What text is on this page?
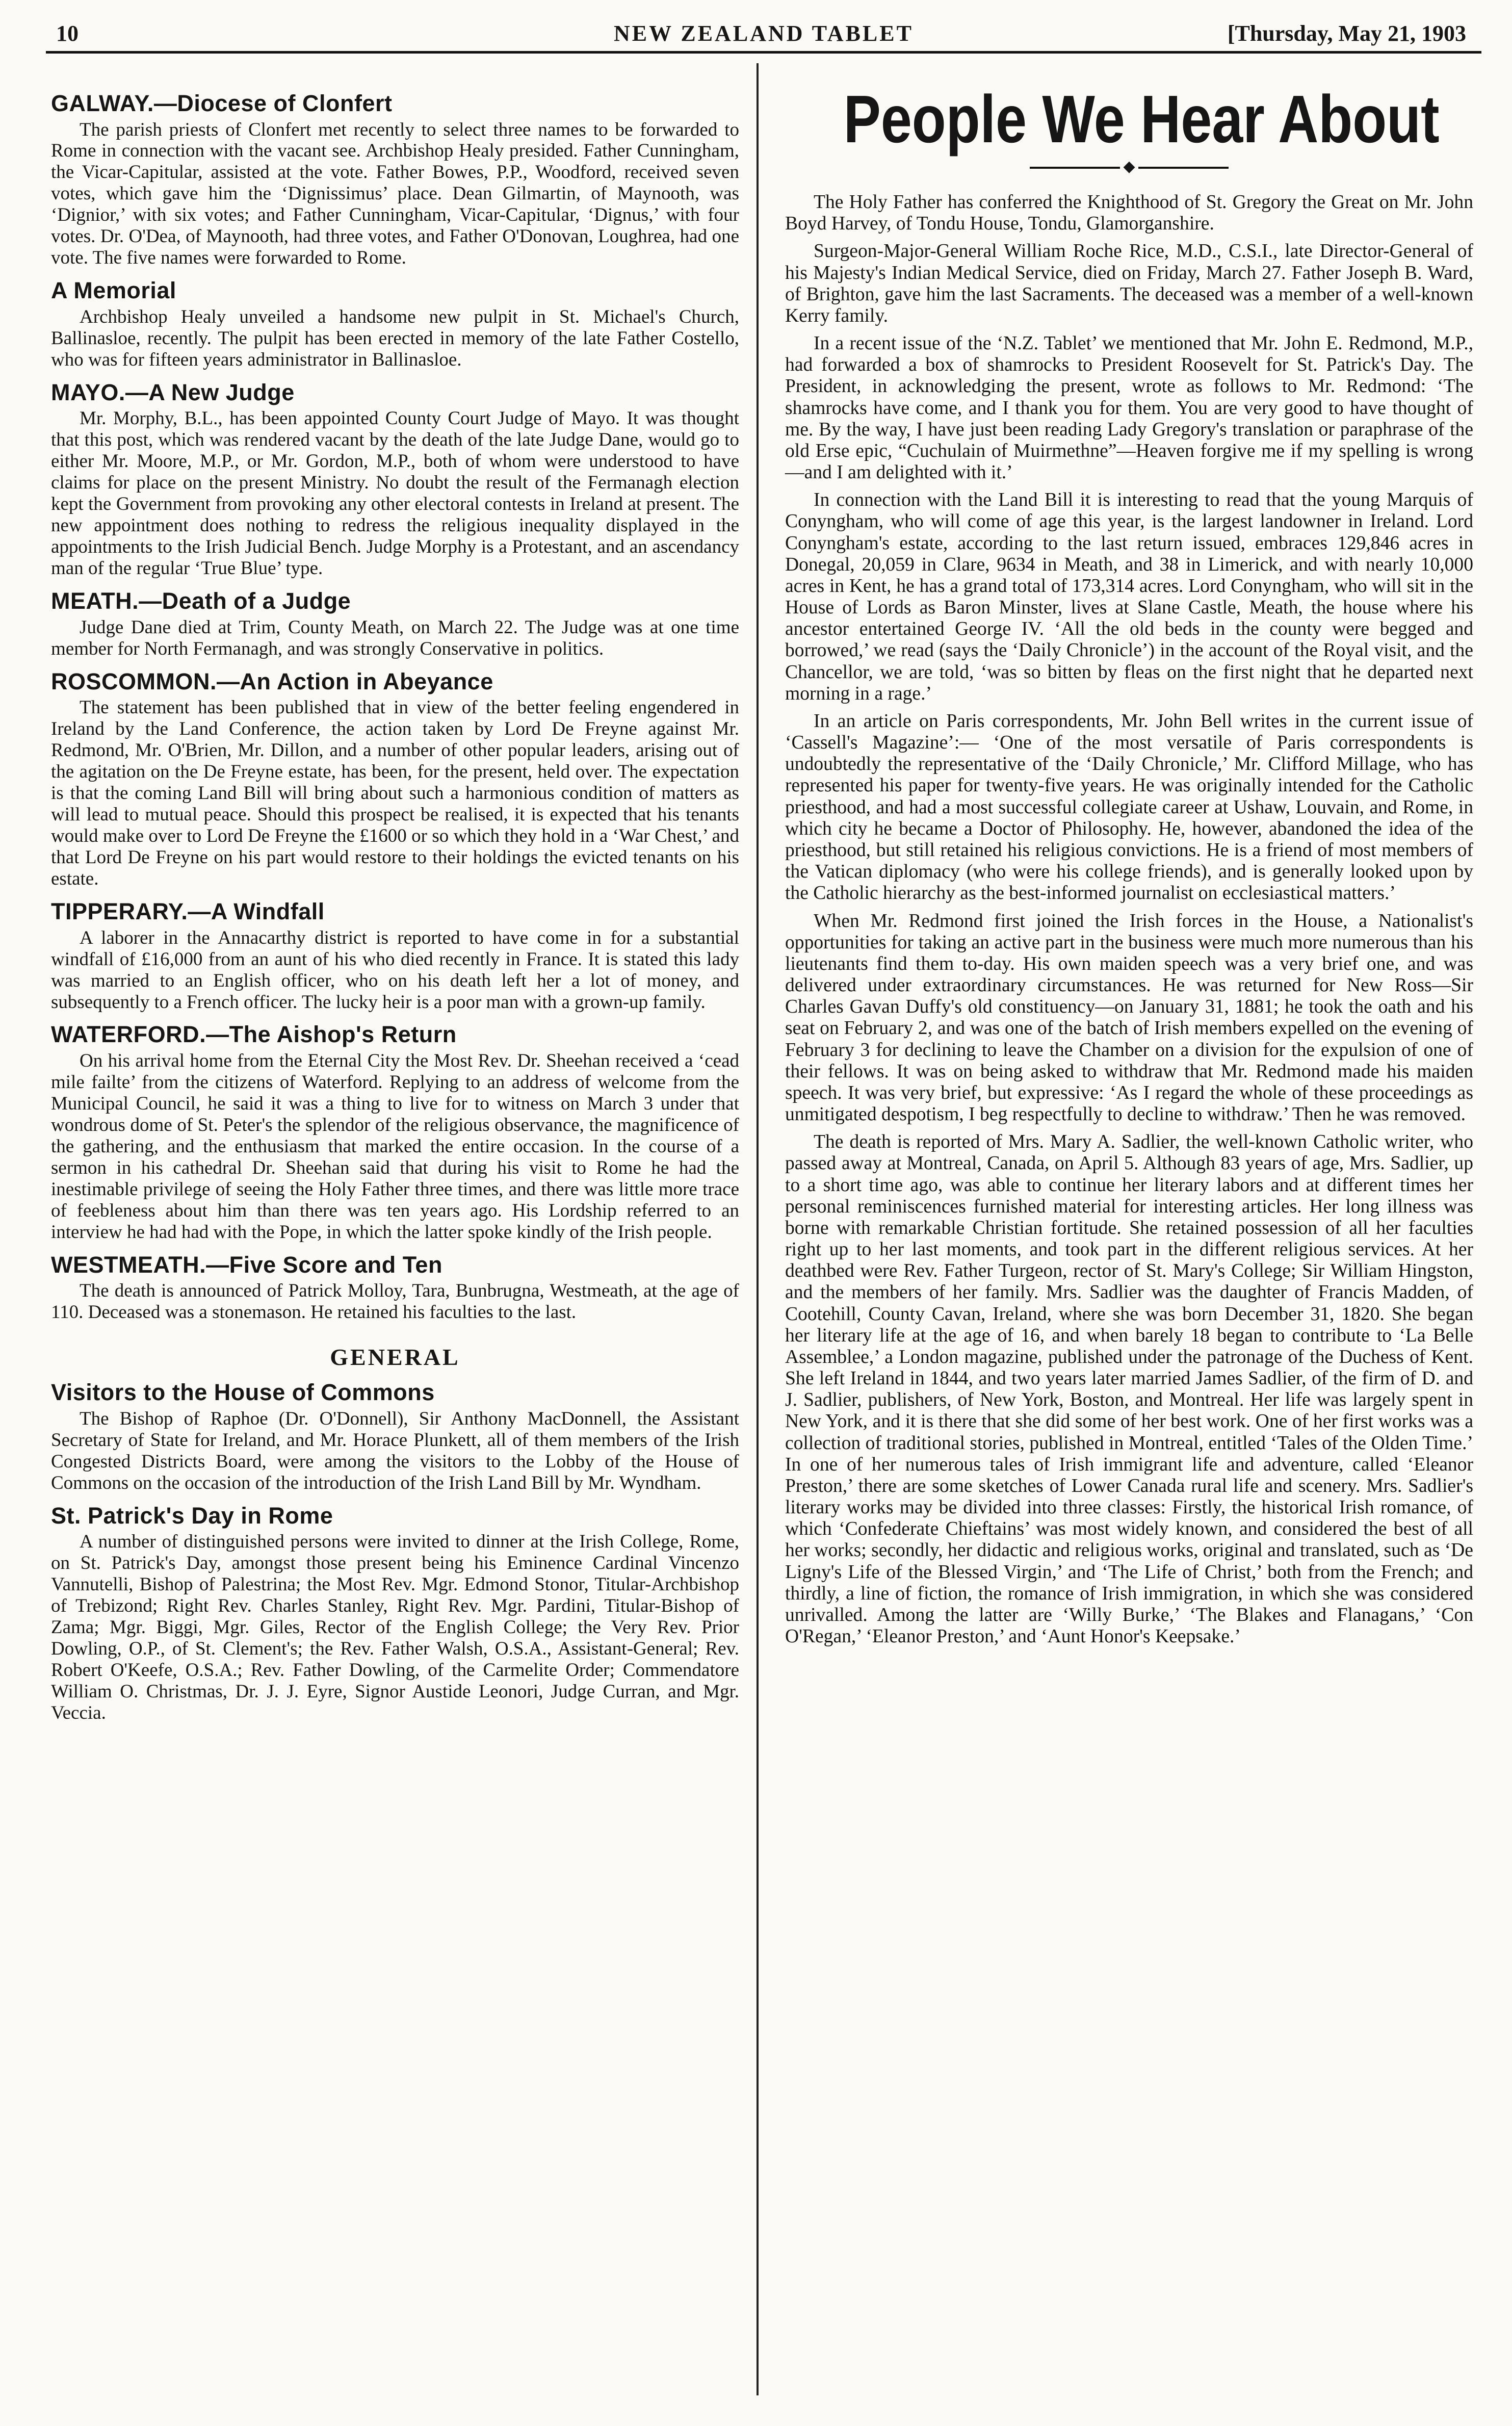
10	NEW ZEALAND TABLET	[Thursday, May 21, 1903
GALWAY.—Diocese of Clonfert

The parish priests of Clonfert met recently to select three names to be forwarded to Rome in connection with the vacant see. Archbishop Healy presided. Father Cunningham, the Vicar-Capitular, assisted at the vote. Father Bowes, P.P., Woodford, received seven votes, which gave him the ‘Dignissimus’ place. Dean Gilmartin, of Maynooth, was ‘Dignior,’ with six votes; and Father Cunningham, Vicar-Capitular, ‘Dignus,’ with four votes. Dr. O'Dea, of Maynooth, had three votes, and Father O'Donovan, Loughrea, had one vote. The five names were forwarded to Rome.

A Memorial

Archbishop Healy unveiled a handsome new pulpit in St. Michael's Church, Ballinasloe, recently. The pulpit has been erected in memory of the late Father Costello, who was for fifteen years administrator in Ballinasloe.

MAYO.—A New Judge

Mr. Morphy, B.L., has been appointed County Court Judge of Mayo. It was thought that this post, which was rendered vacant by the death of the late Judge Dane, would go to either Mr. Moore, M.P., or Mr. Gordon, M.P., both of whom were understood to have claims for place on the present Ministry. No doubt the result of the Fermanagh election kept the Government from provoking any other electoral contests in Ireland at present. The new appointment does nothing to redress the religious inequality displayed in the appointments to the Irish Judicial Bench. Judge Morphy is a Protestant, and an ascendancy man of the regular ‘True Blue’ type.

MEATH.—Death of a Judge

Judge Dane died at Trim, County Meath, on March 22. The Judge was at one time member for North Fermanagh, and was strongly Conservative in politics.

ROSCOMMON.—An Action in Abeyance

The statement has been published that in view of the better feeling engendered in Ireland by the Land Conference, the action taken by Lord De Freyne against Mr. Redmond, Mr. O'Brien, Mr. Dillon, and a number of other popular leaders, arising out of the agitation on the De Freyne estate, has been, for the present, held over. The expectation is that the coming Land Bill will bring about such a harmonious condition of matters as will lead to mutual peace. Should this prospect be realised, it is expected that his tenants would make over to Lord De Freyne the £1600 or so which they hold in a ‘War Chest,’ and that Lord De Freyne on his part would restore to their holdings the evicted tenants on his estate.

TIPPERARY.—A Windfall

A laborer in the Annacarthy district is reported to have come in for a substantial windfall of £16,000 from an aunt of his who died recently in France. It is stated this lady was married to an English officer, who on his death left her a lot of money, and subsequently to a French officer. The lucky heir is a poor man with a grown-up family.

WATERFORD.—The Aishop's Return

On his arrival home from the Eternal City the Most Rev. Dr. Sheehan received a ‘cead mile failte’ from the citizens of Waterford. Replying to an address of welcome from the Municipal Council, he said it was a thing to live for to witness on March 3 under that wondrous dome of St. Peter's the splendor of the religious observance, the magnificence of the gathering, and the enthusiasm that marked the entire occasion. In the course of a sermon in his cathedral Dr. Sheehan said that during his visit to Rome he had the inestimable privilege of seeing the Holy Father three times, and there was little more trace of feebleness about him than there was ten years ago. His Lordship referred to an interview he had had with the Pope, in which the latter spoke kindly of the Irish people.

WESTMEATH.—Five Score and Ten

The death is announced of Patrick Molloy, Tara, Bunbrugna, Westmeath, at the age of 110. Deceased was a stonemason. He retained his faculties to the last.

GENERAL
Visitors to the House of Commons

The Bishop of Raphoe (Dr. O'Donnell), Sir Anthony MacDonnell, the Assistant Secretary of State for Ireland, and Mr. Horace Plunkett, all of them members of the Irish Congested Districts Board, were among the visitors to the Lobby of the House of Commons on the occasion of the introduction of the Irish Land Bill by Mr. Wyndham.

St. Patrick's Day in Rome

A number of distinguished persons were invited to dinner at the Irish College, Rome, on St. Patrick's Day, amongst those present being his Eminence Cardinal Vincenzo Vannutelli, Bishop of Palestrina; the Most Rev. Mgr. Edmond Stonor, Titular-Archbishop of Trebizond; Right Rev. Charles Stanley, Right Rev. Mgr. Pardini, Titular-Bishop of Zama; Mgr. Biggi, Mgr. Giles, Rector of the English College; the Very Rev. Prior Dowling, O.P., of St. Clement's; the Rev. Father Walsh, O.S.A., Assistant-General; Rev. Robert O'Keefe, O.S.A.; Rev. Father Dowling, of the Carmelite Order; Commendatore William O. Christmas, Dr. J. J. Eyre, Signor Austide Leonori, Judge Curran, and Mgr. Veccia.

People We Hear About
◆

The Holy Father has conferred the Knighthood of St. Gregory the Great on Mr. John Boyd Harvey, of Tondu House, Tondu, Glamorganshire.

Surgeon-Major-General William Roche Rice, M.D., C.S.I., late Director-General of his Majesty's Indian Medical Service, died on Friday, March 27. Father Joseph B. Ward, of Brighton, gave him the last Sacraments. The deceased was a member of a well-known Kerry family.

In a recent issue of the ‘N.Z. Tablet’ we mentioned that Mr. John E. Redmond, M.P., had forwarded a box of shamrocks to President Roosevelt for St. Patrick's Day. The President, in acknowledging the present, wrote as follows to Mr. Redmond: ‘The shamrocks have come, and I thank you for them. You are very good to have thought of me. By the way, I have just been reading Lady Gregory's translation or paraphrase of the old Erse epic, “Cuchulain of Muirmethne”—Heaven forgive me if my spelling is wrong—and I am delighted with it.’

In connection with the Land Bill it is interesting to read that the young Marquis of Conyngham, who will come of age this year, is the largest landowner in Ireland. Lord Conyngham's estate, according to the last return issued, embraces 129,846 acres in Donegal, 20,059 in Clare, 9634 in Meath, and 38 in Limerick, and with nearly 10,000 acres in Kent, he has a grand total of 173,314 acres. Lord Conyngham, who will sit in the House of Lords as Baron Minster, lives at Slane Castle, Meath, the house where his ancestor entertained George IV. ‘All the old beds in the county were begged and borrowed,’ we read (says the ‘Daily Chronicle’) in the account of the Royal visit, and the Chancellor, we are told, ‘was so bitten by fleas on the first night that he departed next morning in a rage.’

In an article on Paris correspondents, Mr. John Bell writes in the current issue of ‘Cassell's Magazine’:— ‘One of the most versatile of Paris correspondents is undoubtedly the representative of the ‘Daily Chronicle,’ Mr. Clifford Millage, who has represented his paper for twenty-five years. He was originally intended for the Catholic priesthood, and had a most successful collegiate career at Ushaw, Louvain, and Rome, in which city he became a Doctor of Philosophy. He, however, abandoned the idea of the priesthood, but still retained his religious convictions. He is a friend of most members of the Vatican diplomacy (who were his college friends), and is generally looked upon by the Catholic hierarchy as the best-informed journalist on ecclesiastical matters.’

When Mr. Redmond first joined the Irish forces in the House, a Nationalist's opportunities for taking an active part in the business were much more numerous than his lieutenants find them to-day. His own maiden speech was a very brief one, and was delivered under extraordinary circumstances. He was returned for New Ross—Sir Charles Gavan Duffy's old constituency—on January 31, 1881; he took the oath and his seat on February 2, and was one of the batch of Irish members expelled on the evening of February 3 for declining to leave the Chamber on a division for the expulsion of one of their fellows. It was on being asked to withdraw that Mr. Redmond made his maiden speech. It was very brief, but expressive: ‘As I regard the whole of these proceedings as unmitigated despotism, I beg respectfully to decline to withdraw.’ Then he was removed.

The death is reported of Mrs. Mary A. Sadlier, the well-known Catholic writer, who passed away at Montreal, Canada, on April 5. Although 83 years of age, Mrs. Sadlier, up to a short time ago, was able to continue her literary labors and at different times her personal reminiscences furnished material for interesting articles. Her long illness was borne with remarkable Christian fortitude. She retained possession of all her faculties right up to her last moments, and took part in the different religious services. At her deathbed were Rev. Father Turgeon, rector of St. Mary's College; Sir William Hingston, and the members of her family. Mrs. Sadlier was the daughter of Francis Madden, of Cootehill, County Cavan, Ireland, where she was born December 31, 1820. She began her literary life at the age of 16, and when barely 18 began to contribute to ‘La Belle Assemblee,’ a London magazine, published under the patronage of the Duchess of Kent. She left Ireland in 1844, and two years later married James Sadlier, of the firm of D. and J. Sadlier, publishers, of New York, Boston, and Montreal. Her life was largely spent in New York, and it is there that she did some of her best work. One of her first works was a collection of traditional stories, published in Montreal, entitled ‘Tales of the Olden Time.’ In one of her numerous tales of Irish immigrant life and adventure, called ‘Eleanor Preston,’ there are some sketches of Lower Canada rural life and scenery. Mrs. Sadlier's literary works may be divided into three classes: Firstly, the historical Irish romance, of which ‘Confederate Chieftains’ was most widely known, and considered the best of all her works; secondly, her didactic and religious works, original and translated, such as ‘De Ligny's Life of the Blessed Virgin,’ and ‘The Life of Christ,’ both from the French; and thirdly, a line of fiction, the romance of Irish immigration, in which she was considered unrivalled. Among the latter are ‘Willy Burke,’ ‘The Blakes and Flanagans,’ ‘Con O'Regan,’ ‘Eleanor Preston,’ and ‘Aunt Honor's Keepsake.’
